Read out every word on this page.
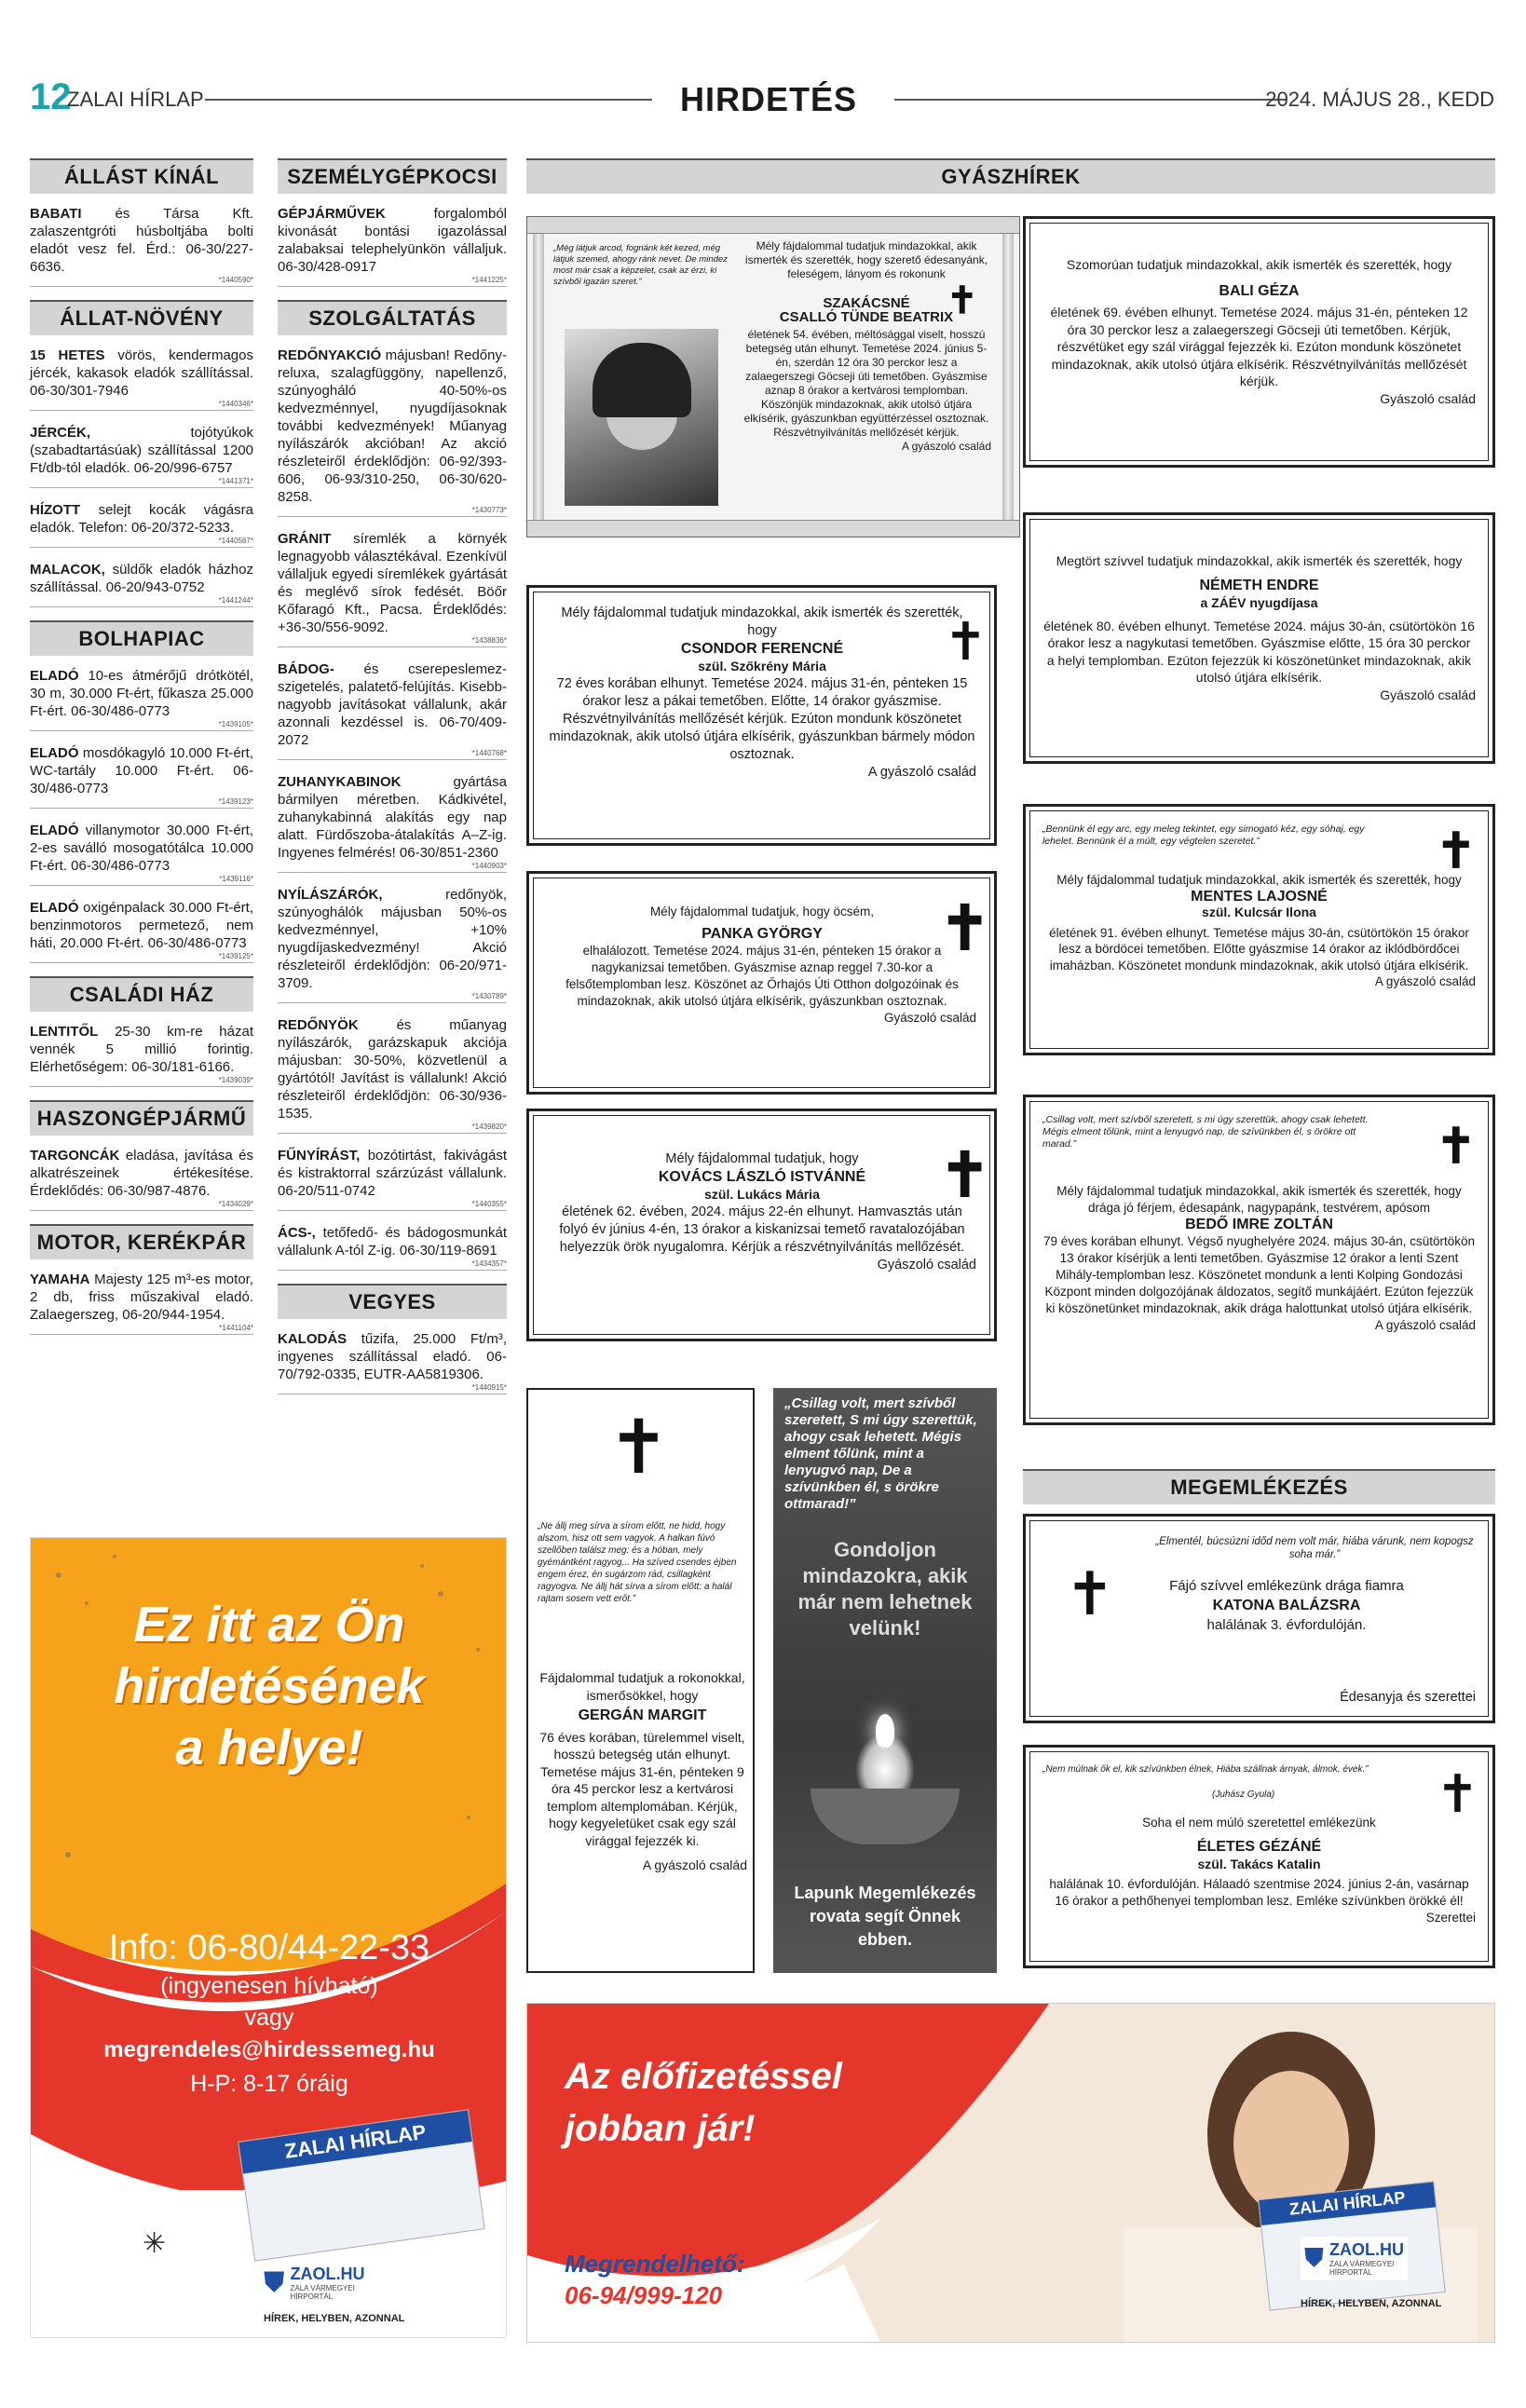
12
ZALAI HÍRLAP	HIRDETÉS	2024. MÁJUS 28., KEDD
ÁLLÁST KÍNÁL
BABATI és Társa Kft. zalaszentgróti húsboltjába bolti eladót vesz fel. Érd.: 06-30/227-6636.
*1440590*
ÁLLAT-NÖVÉNY
15 HETES vörös, kendermagos jércék, kakasok eladók szállítással. 06-30/301-7946
*1440346*
JÉRCÉK, tojótyúkok (szabadtartásúak) szállítással 1200 Ft/db-tól eladók. 06-20/996-6757
*1441371*
HÍZOTT selejt kocák vágásra eladók. Telefon: 06-20/372-5233.
*1440567*
MALACOK, süldők eladók házhoz szállítással. 06-20/943-0752
*1441244*
BOLHAPIAC
ELADÓ 10-es átmérőjű drótkötél, 30 m, 30.000 Ft-ért, fűkasza 25.000 Ft-ért. 06-30/486-0773
*1439105*
ELADÓ mosdókagyló 10.000 Ft-ért, WC-tartály 10.000 Ft-ért. 06-30/486-0773
*1439123*
ELADÓ villanymotor 30.000 Ft-ért, 2-es saválló mosogatótálca 10.000 Ft-ért. 06-30/486-0773
*1439116*
ELADÓ oxigénpalack 30.000 Ft-ért, benzinmotoros permetező, nem háti, 20.000 Ft-ért. 06-30/486-0773
*1439125*
CSALÁDI HÁZ
LENTITŐL 25-30 km-re házat vennék 5 millió forintig. Elérhetőségem: 06-30/181-6166.
*1439039*
HASZONGÉPJÁRMŰ
TARGONCÁK eladása, javítása és alkatrészeinek értékesítése. Érdeklődés: 06-30/987-4876.
*1434029*
MOTOR, KERÉKPÁR
YAMAHA Majesty 125 m³-es motor, 2 db, friss műszakival eladó. Zalaegerszeg, 06-20/944-1954.
*1441104*
SZEMÉLYGÉPKOCSI
GÉPJÁRMŰVEK forgalomból kivonását bontási igazolással zalabaksai telephelyünkön vállaljuk. 06-30/428-0917
*1441225*
SZOLGÁLTATÁS
REDŐNYAKCIÓ májusban! Redőny-reluxa, szalagfüggöny, napellenző, szúnyogháló 40-50%-os kedvezménnyel, nyugdíjasoknak további kedvezmények! Műanyag nyílászárók akcióban! Az akció részleteiről érdeklődjön: 06-92/393-606, 06-93/310-250, 06-30/620-8258.
*1430773*
GRÁNIT síremlék a környék legnagyobb választékával. Ezenkívül vállaljuk egyedi síremlékek gyártását és meglévő sírok fedését. Böőr Kőfaragó Kft., Pacsa. Érdeklődés: +36-30/556-9092.
*1438836*
BÁDOG- és cserepeslemez-szigetelés, palatető-felújítás. Kisebb-nagyobb javításokat vállalunk, akár azonnali kezdéssel is. 06-70/409-2072
*1440768*
ZUHANYKABINOK gyártása bármilyen méretben. Kádkivétel, zuhanykabinná alakítás egy nap alatt. Fürdőszoba-átalakítás A–Z-ig. Ingyenes felmérés! 06-30/851-2360
*1440903*
NYÍLÁSZÁRÓK, redőnyök, szúnyoghálók májusban 50%-os kedvezménnyel, +10% nyugdíjaskedvezmény! Akció részleteiről érdeklődjön: 06-20/971-3709.
*1430789*
REDŐNYÖK és műanyag nyílászárók, garázskapuk akciója májusban: 30-50%, közvetlenül a gyártótól! Javítást is vállalunk! Akció részleteiről érdeklődjön: 06-30/936-1535.
*1439820*
FŰNYÍRÁST, bozótirtást, fakivágást és kistraktorral szárzúzást vállalunk. 06-20/511-0742
*1440355*
ÁCS-, tetőfedő- és bádogosmunkát vállalunk A-tól Z-ig. 06-30/119-8691
*1434357*
VEGYES
KALODÁS tűzifa, 25.000 Ft/m³, ingyenes szállítással eladó. 06-70/792-0335, EUTR-AA5819306.
*1440915*
Ez itt az Ön
hirdetésének
a helye!
Info: 06-80/44-22-33
(ingyenesen hívható)
vagy
megrendeles@hirdessemeg.hu
H-P: 8-17 óráig
ZALAI HÍRLAP
✳
⛊ ZAOL.HU
ZALA VÁRMEGYEI
HÍRPORTÁL
HÍREK, HELYBEN, AZONNAL
GYÁSZHÍREK
„Még látjuk arcod, fognánk két kezed, még látjuk szemed, ahogy ránk nevet. De mindez most már csak a képzelet, csak az érzi, ki szívből igazán szeret.”
Mély fájdalommal tudatjuk mindazokkal, akik ismerték és szerették, hogy szerető édesanyánk, feleségem, lányom és rokonunk
SZAKÁCSNÉ
CSALLÓ TÜNDE BEATRIX
életének 54. évében, méltósággal viselt, hosszú betegség után elhunyt. Temetése 2024. június 5-én, szerdán 12 óra 30 perckor lesz a zalaegerszegi Göcseji úti temetőben. Gyászmise aznap 8 órakor a kertvárosi templomban. Köszönjük mindazoknak, akik utolsó útjára elkísérik, gyászunkban együttérzéssel osztoznak. Részvétnyilvánítás mellőzését kérjük.
A gyászoló család
✝
Mély fájdalommal tudatjuk mindazokkal, akik ismerték és szerették, hogy
CSONDOR FERENCNÉ
szül. Szőkrény Mária
72 éves korában elhunyt. Temetése 2024. május 31-én, pénteken 15 órakor lesz a pákai temetőben. Előtte, 14 órakor gyászmise. Részvétnyilvánítás mellőzését kérjük. Ezúton mondunk köszönetet mindazoknak, akik utolsó útjára elkísérik, gyászunkban bármely módon osztoznak.
A gyászoló család
✝
Mély fájdalommal tudatjuk, hogy öcsém,
PANKA GYÖRGY
elhalálozott. Temetése 2024. május 31-én, pénteken 15 órakor a nagykanizsai temetőben. Gyászmise aznap reggel 7.30-kor a felsőtemplomban lesz. Köszönet az Őrhajós Úti Otthon dolgozóinak és mindazoknak, akik utolsó útjára elkísérik, gyászunkban osztoznak.
Gyászoló család
✝
Mély fájdalommal tudatjuk, hogy
KOVÁCS LÁSZLÓ ISTVÁNNÉ
szül. Lukács Mária
életének 62. évében, 2024. május 22-én elhunyt. Hamvasztás után folyó év június 4-én, 13 órakor a kiskanizsai temető ravatalozójában helyezzük örök nyugalomra. Kérjük a részvétnyilvánítás mellőzését.
Gyászoló család
✝
✝
„Ne állj meg sírva a sírom előtt, ne hidd, hogy alszom, hisz ott sem vagyok. A halkan fúvó szellőben találsz meg: és a hóban, mely gyémántként ragyog... Ha szíved csendes éjben engem érez, én sugárzom rád, csillagként ragyogva. Ne állj hát sírva a sírom előtt: a halál rajtam sosem vett erőt.”
Fájdalommal tudatjuk a rokonokkal, ismerősökkel, hogy
GERGÁN MARGIT
76 éves korában, türelemmel viselt, hosszú betegség után elhunyt. Temetése május 31-én, pénteken 9 óra 45 perckor lesz a kertvárosi templom altemplomában. Kérjük, hogy kegyeletüket csak egy szál virággal fejezzék ki.
A gyászoló család
„Csillag volt, mert szívből szeretett, S mi úgy szerettük, ahogy csak lehetett. Mégis elment tőlünk, mint a lenyugvó nap, De a szívünkben él, s örökre ottmarad!”
Gondoljon mindazokra, akik már nem lehetnek velünk!
Lapunk Megemlékezés rovata segít Önnek ebben.
Szomorúan tudatjuk mindazokkal, akik ismerték és szerették, hogy
BALI GÉZA
életének 69. évében elhunyt. Temetése 2024. május 31-én, pénteken 12 óra 30 perckor lesz a zalaegerszegi Göcseji úti temetőben. Kérjük, részvétüket egy szál virággal fejezzék ki. Ezúton mondunk köszönetet mindazoknak, akik utolsó útjára elkísérik. Részvétnyilvánítás mellőzését kérjük.
Gyászoló család
Megtört szívvel tudatjuk mindazokkal, akik ismerték és szerették, hogy
NÉMETH ENDRE
a ZÁÉV nyugdíjasa
életének 80. évében elhunyt. Temetése 2024. május 30-án, csütörtökön 16 órakor lesz a nagykutasi temetőben. Gyászmise előtte, 15 óra 30 perckor a helyi templomban. Ezúton fejezzük ki köszönetünket mindazoknak, akik utolsó útjára elkísérik.
Gyászoló család
„Bennünk él egy arc, egy meleg tekintet, egy simogató kéz, egy sóhaj, egy lehelet. Bennünk él a múlt, egy végtelen szeretet.”	✝
Mély fájdalommal tudatjuk mindazokkal, akik ismerték és szerették, hogy
MENTES LAJOSNÉ
szül. Kulcsár Ilona
életének 91. évében elhunyt. Temetése május 30-án, csütörtökön 15 órakor lesz a bördöcei temetőben. Előtte gyászmise 14 órakor az iklódbördőcei imaházban. Köszönetet mondunk mindazoknak, akik utolsó útjára elkísérik.
A gyászoló család
„Csillag volt, mert szívből szeretett, s mi úgy szerettük, ahogy csak lehetett. Mégis elment tőlünk, mint a lenyugvó nap, de szívünkben él, s örökre ott marad.”	✝
Mély fájdalommal tudatjuk mindazokkal, akik ismerték és szerették, hogy drága jó férjem, édesapánk, nagypapánk, testvérem, apósom
BEDŐ IMRE ZOLTÁN
79 éves korában elhunyt. Végső nyughelyére 2024. május 30-án, csütörtökön 13 órakor kísérjük a lenti temetőben. Gyászmise 12 órakor a lenti Szent Mihály-templomban lesz. Köszönetet mondunk a lenti Kolping Gondozási Központ minden dolgozójának áldozatos, segítő munkájáért. Ezúton fejezzük ki köszönetünket mindazoknak, akik drága halottunkat utolsó útjára elkísérik.
A gyászoló család
MEGEMLÉKEZÉS
„Elmentél, búcsúzni időd nem volt már, hiába várunk, nem kopogsz soha már.”
✝	Fájó szívvel emlékezünk drága fiamra
KATONA BALÁZSRA
halálának 3. évfordulóján.
Édesanyja és szerettei
„Nem múlnak ők el, kik szívünkben élnek, Hiába szállnak árnyak, álmok, évek.”
(Juhász Gyula)	✝
Soha el nem múló szeretettel emlékezünk
ÉLETES GÉZÁNÉ
szül. Takács Katalin
halálának 10. évfordulóján. Hálaadó szentmise 2024. június 2-án, vasárnap 16 órakor a pethőhenyei templomban lesz. Emléke szívünkben örökké él!
Szerettei
Az előfizetéssel
jobban jár!
Megrendelhető:
06-94/999-120
ZALAI HÍRLAP
⛊ ZAOL.HU
ZALA VÁRMEGYEI
HÍRPORTÁL
HÍREK, HELYBEN, AZONNAL
